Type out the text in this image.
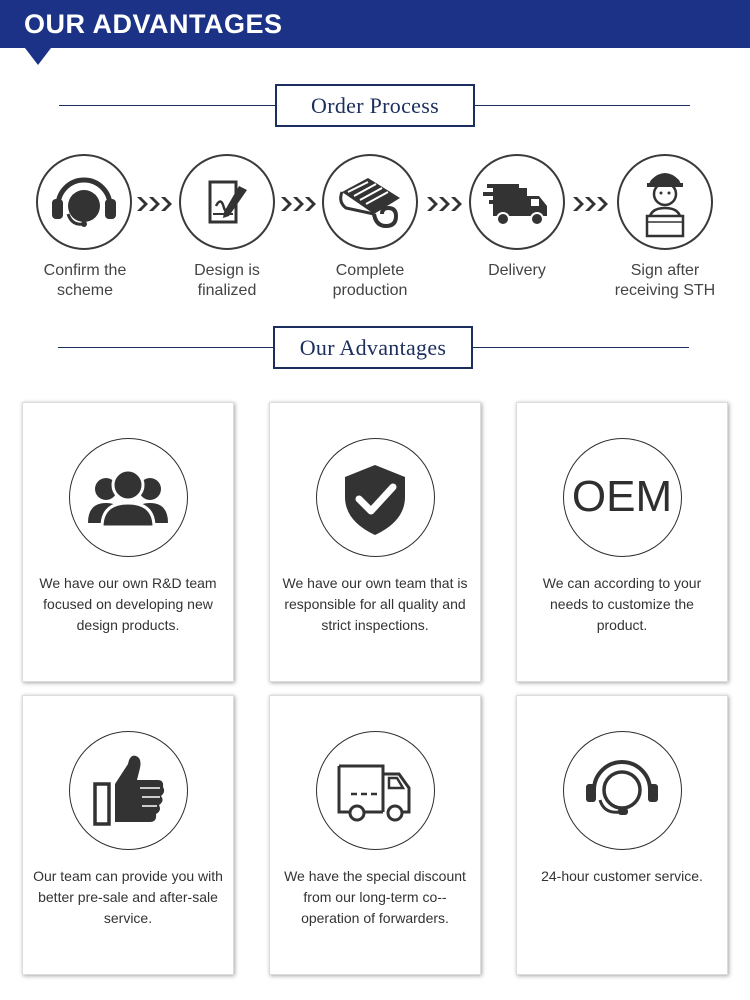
OUR ADVANTAGES
Order Process
Confirm the
scheme
Design is
finalized
Complete
production
Delivery	Sign after
receiving STH
Our Advantages
We have our own R&D team focused on developing new design products.
We have our own team that is responsible for all quality and strict inspections.
OEM
We can according to your needs to customize the product.
Our team can provide you with better pre-sale and after-sale service.
We have the special discount from our long-term co--operation of forwarders.
24-hour customer service.
